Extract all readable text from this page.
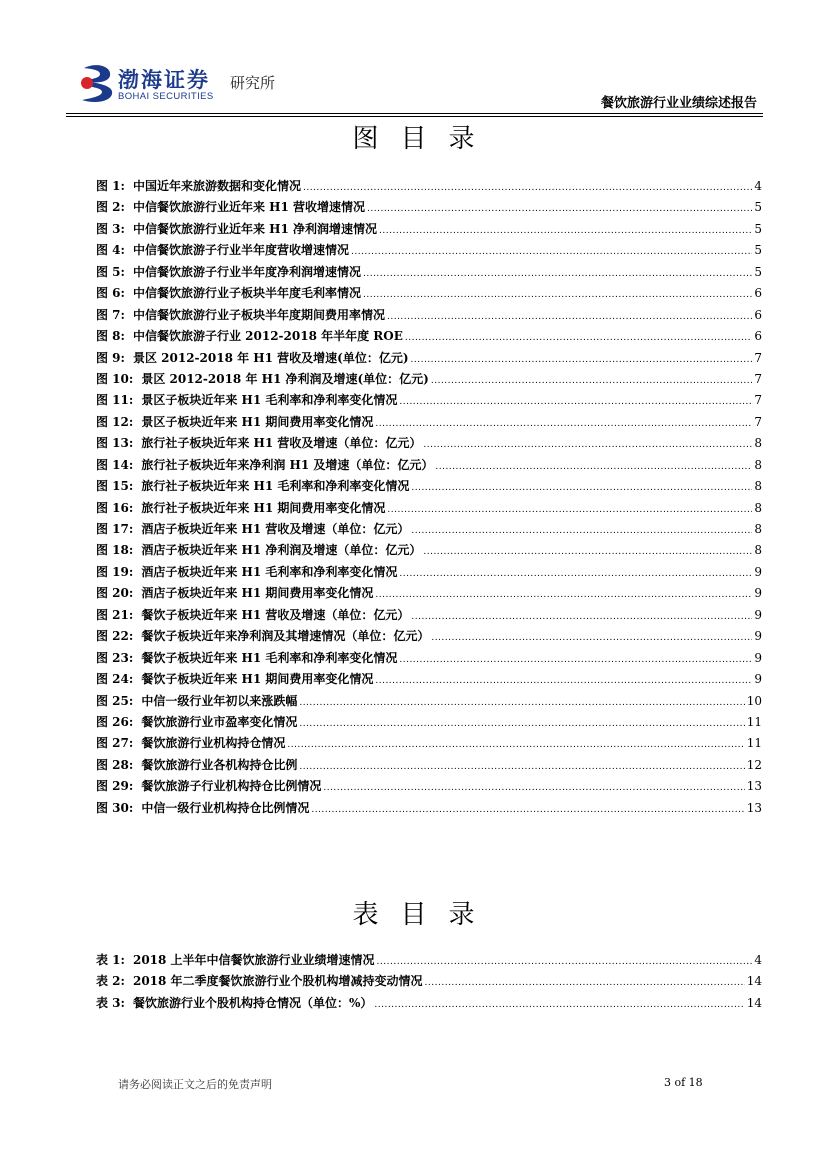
渤海证券
BOHAI SECURITIES
研究所
餐饮旅游行业业绩综述报告
图目录
图 1: 中国近年来旅游数据和变化情况 .....	4
图 2: 中信餐饮旅游行业近年来 H1 营收增速情况 .....	5
图 3: 中信餐饮旅游行业近年来 H1 净利润增速情况 .....	5
图 4: 中信餐饮旅游子行业半年度营收增速情况 .....	5
图 5: 中信餐饮旅游子行业半年度净利润增速情况 .....	5
图 6: 中信餐饮旅游行业子板块半年度毛利率情况 .....	6
图 7: 中信餐饮旅游行业子板块半年度期间费用率情况 .....	6
图 8: 中信餐饮旅游子行业 2012-2018 年半年度 ROE .....	6
图 9: 景区 2012-2018 年 H1 营收及增速(单位：亿元) .....	7
图 10: 景区 2012-2018 年 H1 净利润及增速(单位：亿元) .....	7
图 11: 景区子板块近年来 H1 毛利率和净利率变化情况 .....	7
图 12: 景区子板块近年来 H1 期间费用率变化情况 .....	7
图 13: 旅行社子板块近年来 H1 营收及增速（单位：亿元） .....	8
图 14: 旅行社子板块近年来净利润 H1 及增速（单位：亿元） .....	8
图 15: 旅行社子板块近年来 H1 毛利率和净利率变化情况 .....	8
图 16: 旅行社子板块近年来 H1 期间费用率变化情况 .....	8
图 17: 酒店子板块近年来 H1 营收及增速（单位：亿元） .....	8
图 18: 酒店子板块近年来 H1 净利润及增速（单位：亿元） .....	8
图 19: 酒店子板块近年来 H1 毛利率和净利率变化情况 .....	9
图 20: 酒店子板块近年来 H1 期间费用率变化情况 .....	9
图 21: 餐饮子板块近年来 H1 营收及增速（单位：亿元） .....	9
图 22: 餐饮子板块近年来净利润及其增速情况（单位：亿元） .....	9
图 23: 餐饮子板块近年来 H1 毛利率和净利率变化情况 .....	9
图 24: 餐饮子板块近年来 H1 期间费用率变化情况 .....	9
图 25: 中信一级行业年初以来涨跌幅 .....	10
图 26: 餐饮旅游行业市盈率变化情况 .....	11
图 27: 餐饮旅游行业机构持仓情况 .....	11
图 28: 餐饮旅游行业各机构持仓比例 .....	12
图 29: 餐饮旅游子行业机构持仓比例情况 .....	13
图 30: 中信一级行业机构持仓比例情况 .....	13
表目录
表 1: 2018 上半年中信餐饮旅游行业业绩增速情况 .....	4
表 2: 2018 年二季度餐饮旅游行业个股机构增减持变动情况 .....	14
表 3: 餐饮旅游行业个股机构持仓情况（单位：%） .....	14
请务必阅读正文之后的免责声明	3 of 18
